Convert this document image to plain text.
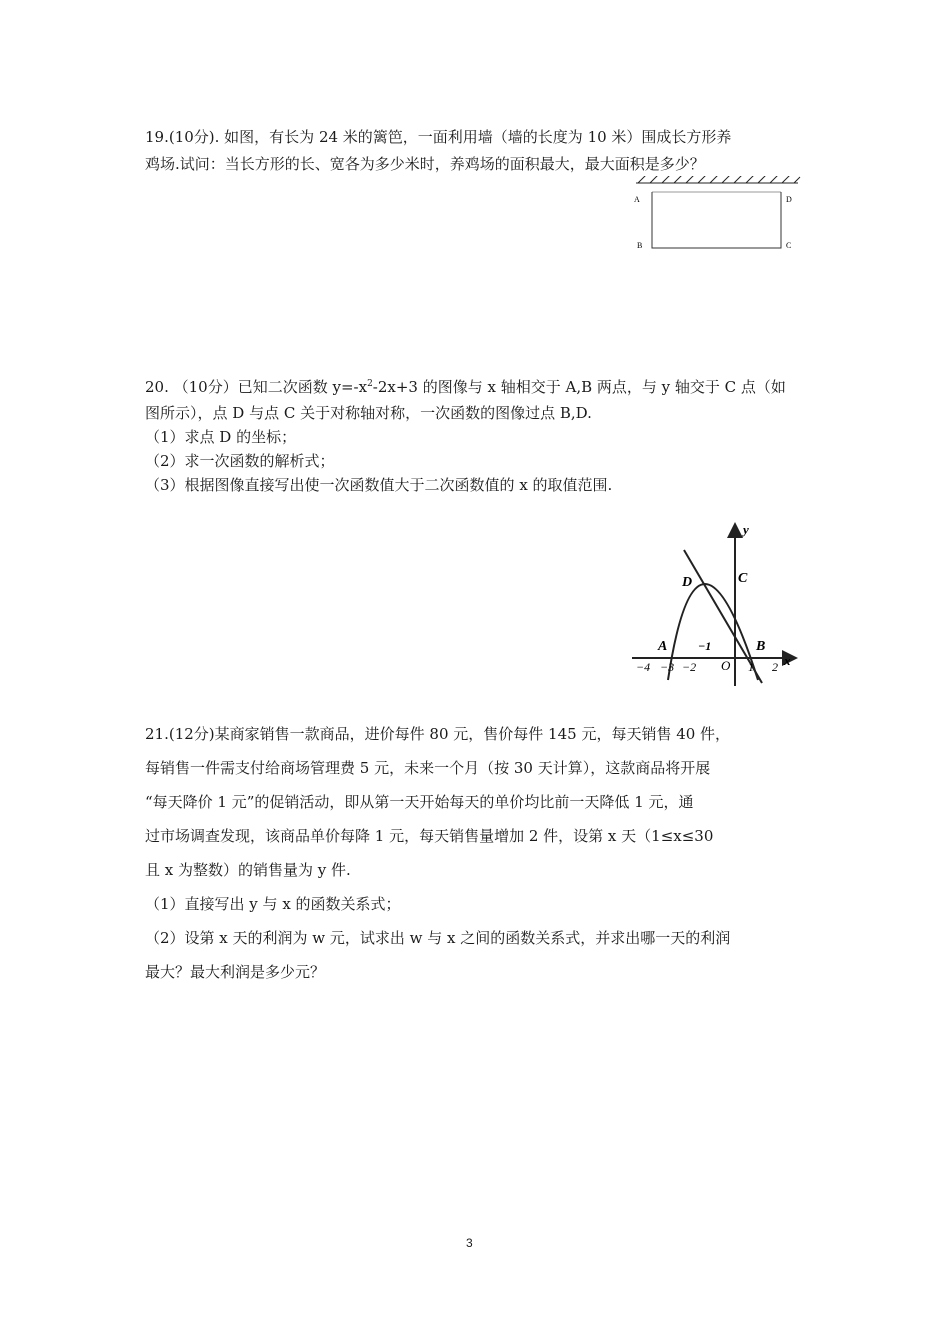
19.(10分). 如图，有长为 24 米的篱笆，一面利用墙（墙的长度为 10 米）围成长方形养
鸡场.试问：当长方形的长、宽各为多少米时，养鸡场的面积最大，最大面积是多少？
A	D
B	C
20. （10分）已知二次函数 $y=-x^2-2x+3$ 的图像与 x 轴相交于 A,B 两点，与 y 轴交于 C 点（如
图所示），点 D 与点 C 关于对称轴对称，一次函数的图像过点 B,D.
（1）求点 D 的坐标；
（2）求一次函数的解析式；
（3）根据图像直接写出使一次函数值大于二次函数值的 x 的取值范围.
y
x
O
A	B
C
D
−4 −3 −2
−1
1 2
21.(12分)某商家销售一款商品，进价每件 80 元，售价每件 145 元，每天销售 40 件，
每销售一件需支付给商场管理费 5 元，未来一个月（按 30 天计算），这款商品将开展
“每天降价 1 元”的促销活动，即从第一天开始每天的单价均比前一天降低 1 元，通
过市场调查发现，该商品单价每降 1 元，每天销售量增加 2 件，设第 x 天（1≤x≤30
且 x 为整数）的销售量为 y 件.
（1）直接写出 y 与 x 的函数关系式；
（2）设第 x 天的利润为 w 元，试求出 w 与 x 之间的函数关系式，并求出哪一天的利润
最大？最大利润是多少元？
3
